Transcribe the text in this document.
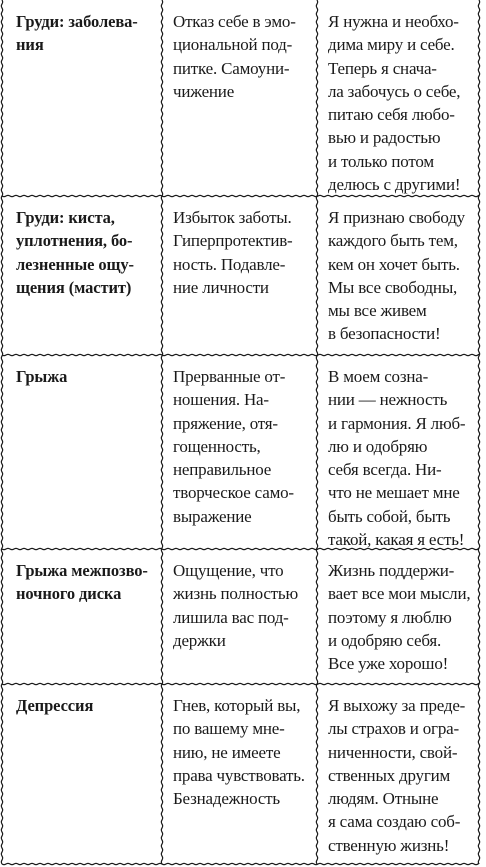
Груди: заболева-
ния
Отказ себе в эмо-
циональной под-
питке. Самоуни-
чижение
Я нужна и необхо-
дима миру и себе.
Теперь я снача-
ла забочусь о себе,
питаю себя любо-
вью и радостью
и только потом
делюсь с другими!
Груди: киста,
уплотнения, бо-
лезненные ощу-
щения (мастит)
Избыток заботы.
Гиперпротектив-
ность. Подавле-
ние личности
Я признаю свободу
каждого быть тем,
кем он хочет быть.
Мы все свободны,
мы все живем
в безопасности!
Грыжа	Прерванные от-
ношения. На-
пряжение, отя-
гощенность,
неправильное
творческое само-
выражение
В моем созна-
нии — нежность
и гармония. Я люб-
лю и одобряю
себя всегда. Ни-
что не мешает мне
быть собой, быть
такой, какая я есть!
Грыжа межпозво-
ночного диска
Ощущение, что
жизнь полностью
лишила вас под-
держки
Жизнь поддержи-
вает все мои мысли,
поэтому я люблю
и одобряю себя.
Все уже хорошо!
Депрессия	Гнев, который вы,
по вашему мне-
нию, не имеете
права чувствовать.
Безнадежность
Я выхожу за преде-
лы страхов и огра-
ниченности, свой-
ственных другим
людям. Отныне
я сама создаю соб-
ственную жизнь!
